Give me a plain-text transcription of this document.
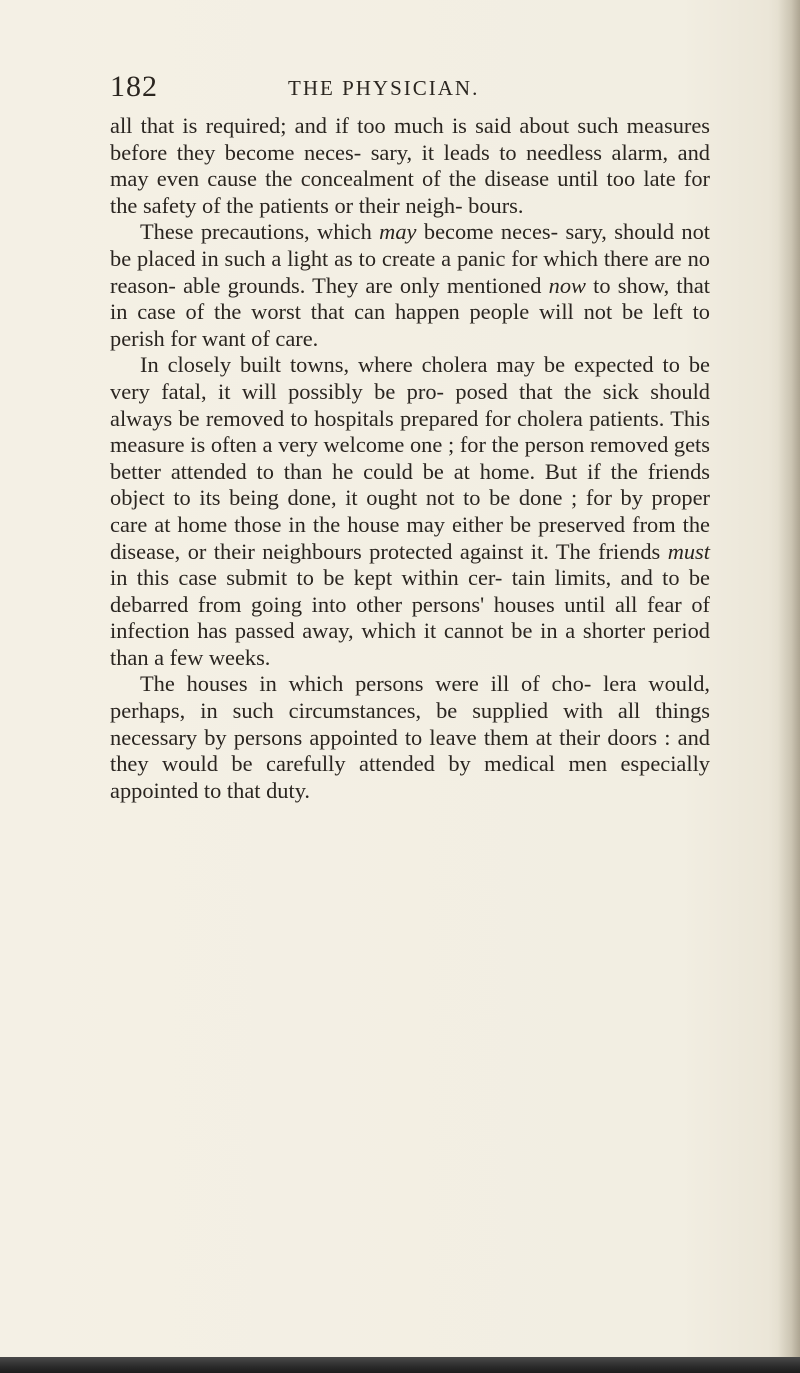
182	THE PHYSICIAN.

all that is required; and if too much is said about such measures before they become neces- sary, it leads to needless alarm, and may even cause the concealment of the disease until too late for the safety of the patients or their neigh- bours.

These precautions, which may become neces- sary, should not be placed in such a light as to create a panic for which there are no reason- able grounds. They are only mentioned now to show, that in case of the worst that can happen people will not be left to perish for want of care.

In closely built towns, where cholera may be expected to be very fatal, it will possibly be pro- posed that the sick should always be removed to hospitals prepared for cholera patients. This measure is often a very welcome one ; for the person removed gets better attended to than he could be at home. But if the friends object to its being done, it ought not to be done ; for by proper care at home those in the house may either be preserved from the disease, or their neighbours protected against it. The friends must in this case submit to be kept within cer- tain limits, and to be debarred from going into other persons' houses until all fear of infection has passed away, which it cannot be in a shorter period than a few weeks.

The houses in which persons were ill of cho- lera would, perhaps, in such circumstances, be supplied with all things necessary by persons appointed to leave them at their doors : and they would be carefully attended by medical men especially appointed to that duty.
